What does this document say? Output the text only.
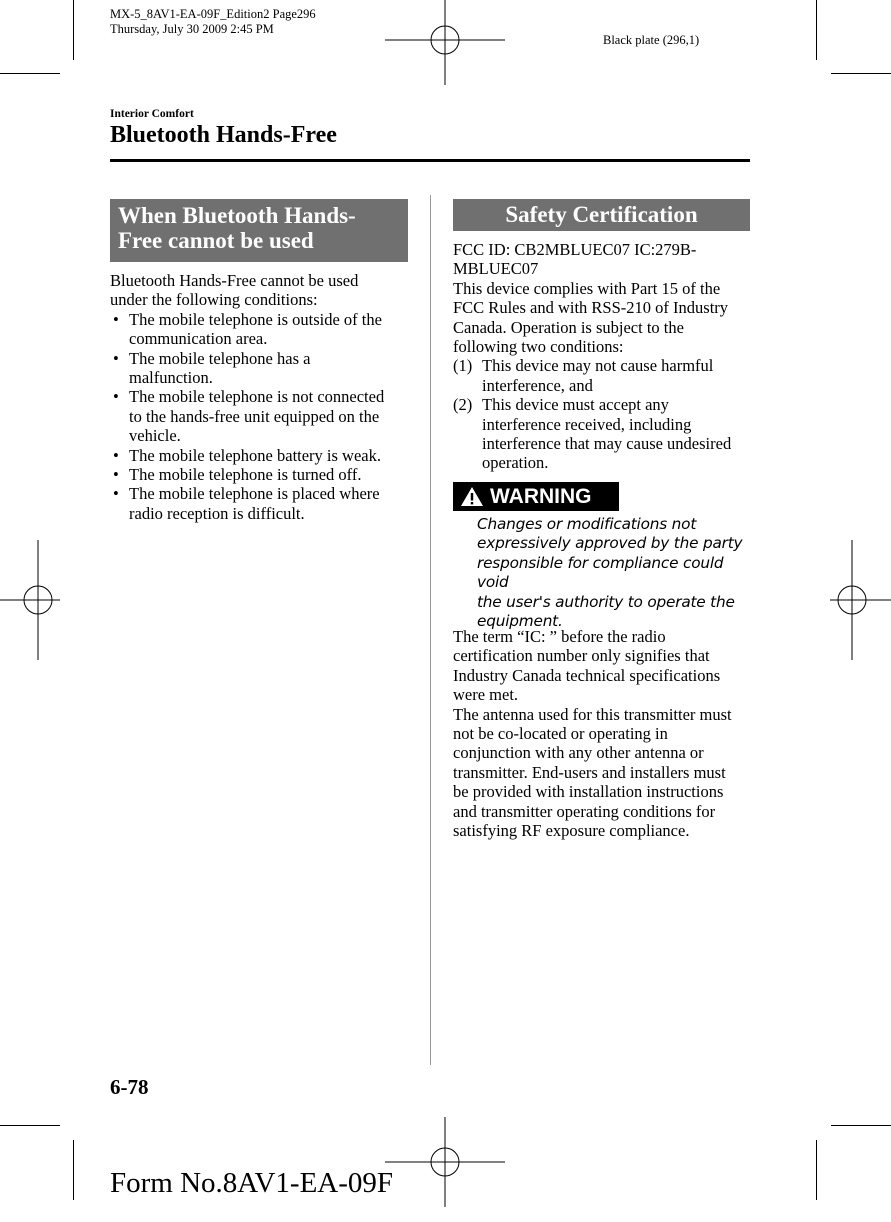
MX-5_8AV1-EA-09F_Edition2 Page296
Thursday, July 30 2009 2:45 PM
Black plate (296,1)
Interior Comfort
Bluetooth Hands-Free
When Bluetooth Hands-
Free cannot be used
Bluetooth Hands-Free cannot be used
under the following conditions:
• The mobile telephone is outside of the
communication area.
• The mobile telephone has a
malfunction.
• The mobile telephone is not connected
to the hands-free unit equipped on the
vehicle.
• The mobile telephone battery is weak.
• The mobile telephone is turned off.
• The mobile telephone is placed where
radio reception is difficult.
Safety Certification
FCC ID: CB2MBLUEC07 IC:279B-
MBLUEC07
This device complies with Part 15 of the
FCC Rules and with RSS-210 of Industry
Canada. Operation is subject to the
following two conditions:
(1) This device may not cause harmful
interference, and
(2) This device must accept any
interference received, including
interference that may cause undesired
operation.
WARNING
Changes or modifications not
expressively approved by the party
responsible for compliance could void
the user's authority to operate the
equipment.
The term “IC: ” before the radio
certification number only signifies that
Industry Canada technical specifications
were met.
The antenna used for this transmitter must
not be co-located or operating in
conjunction with any other antenna or
transmitter. End-users and installers must
be provided with installation instructions
and transmitter operating conditions for
satisfying RF exposure compliance.
6-78
Form No.8AV1-EA-09F
